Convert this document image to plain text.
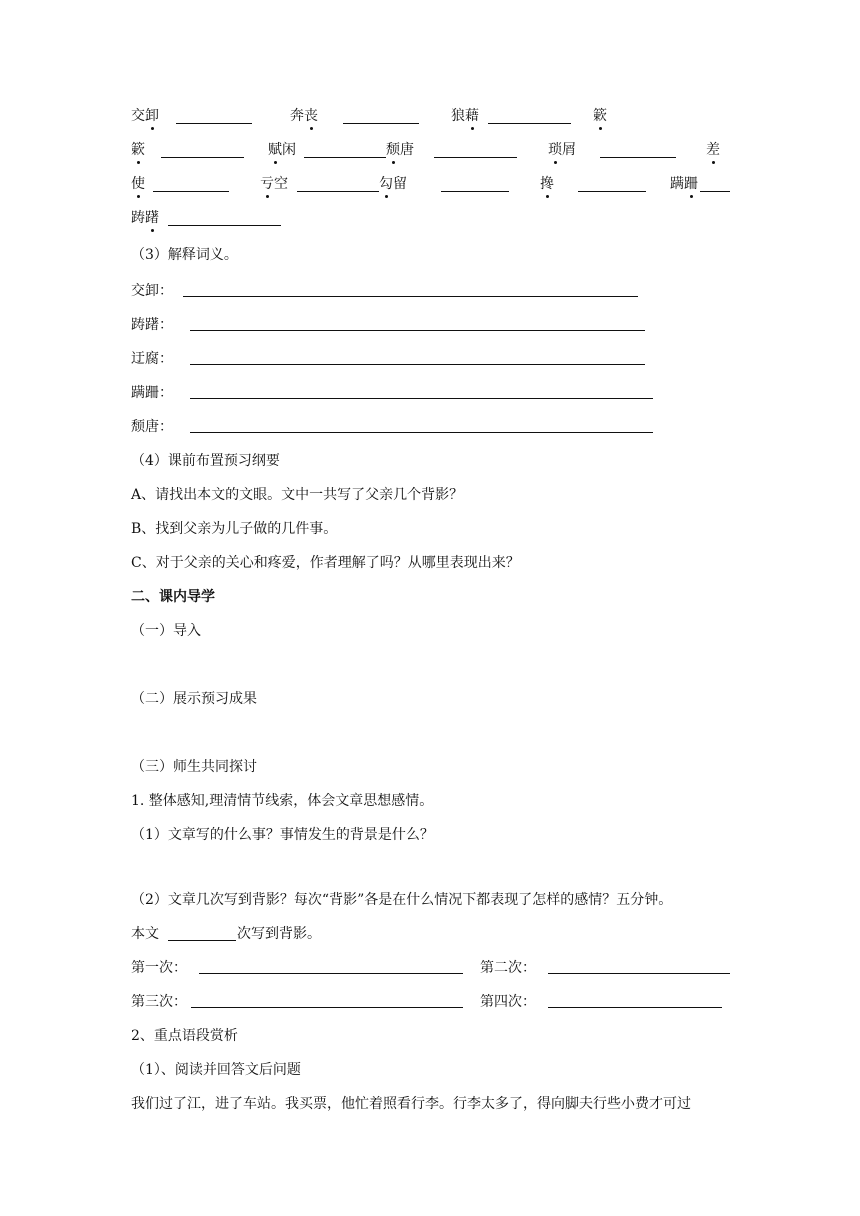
交卸	奔丧	狼藉	簌
簌	赋闲	颓唐	琐屑	差
使	亏空	勾留	搀	蹒跚
踌躇
（3）解释词义。
交卸：
踌躇：
迂腐：
蹒跚：
颓唐：
（4）课前布置预习纲要
A、请找出本文的文眼。文中一共写了父亲几个背影？
B、找到父亲为儿子做的几件事。
C、对于父亲的关心和疼爱，作者理解了吗？从哪里表现出来？
二、课内导学
（一）导入
（二）展示预习成果
（三）师生共同探讨
1. 整体感知,理清情节线索，体会文章思想感情。
（1）文章写的什么事？事情发生的背景是什么？
（2）文章几次写到背影？每次“背影”各是在什么情况下都表现了怎样的感情？五分钟。
本文	次写到背影。
第一次：	第二次：
第三次：	第四次：
2、重点语段赏析
（1）、阅读并回答文后问题
我们过了江，进了车站。我买票，他忙着照看行李。行李太多了，得向脚夫行些小费才可过
